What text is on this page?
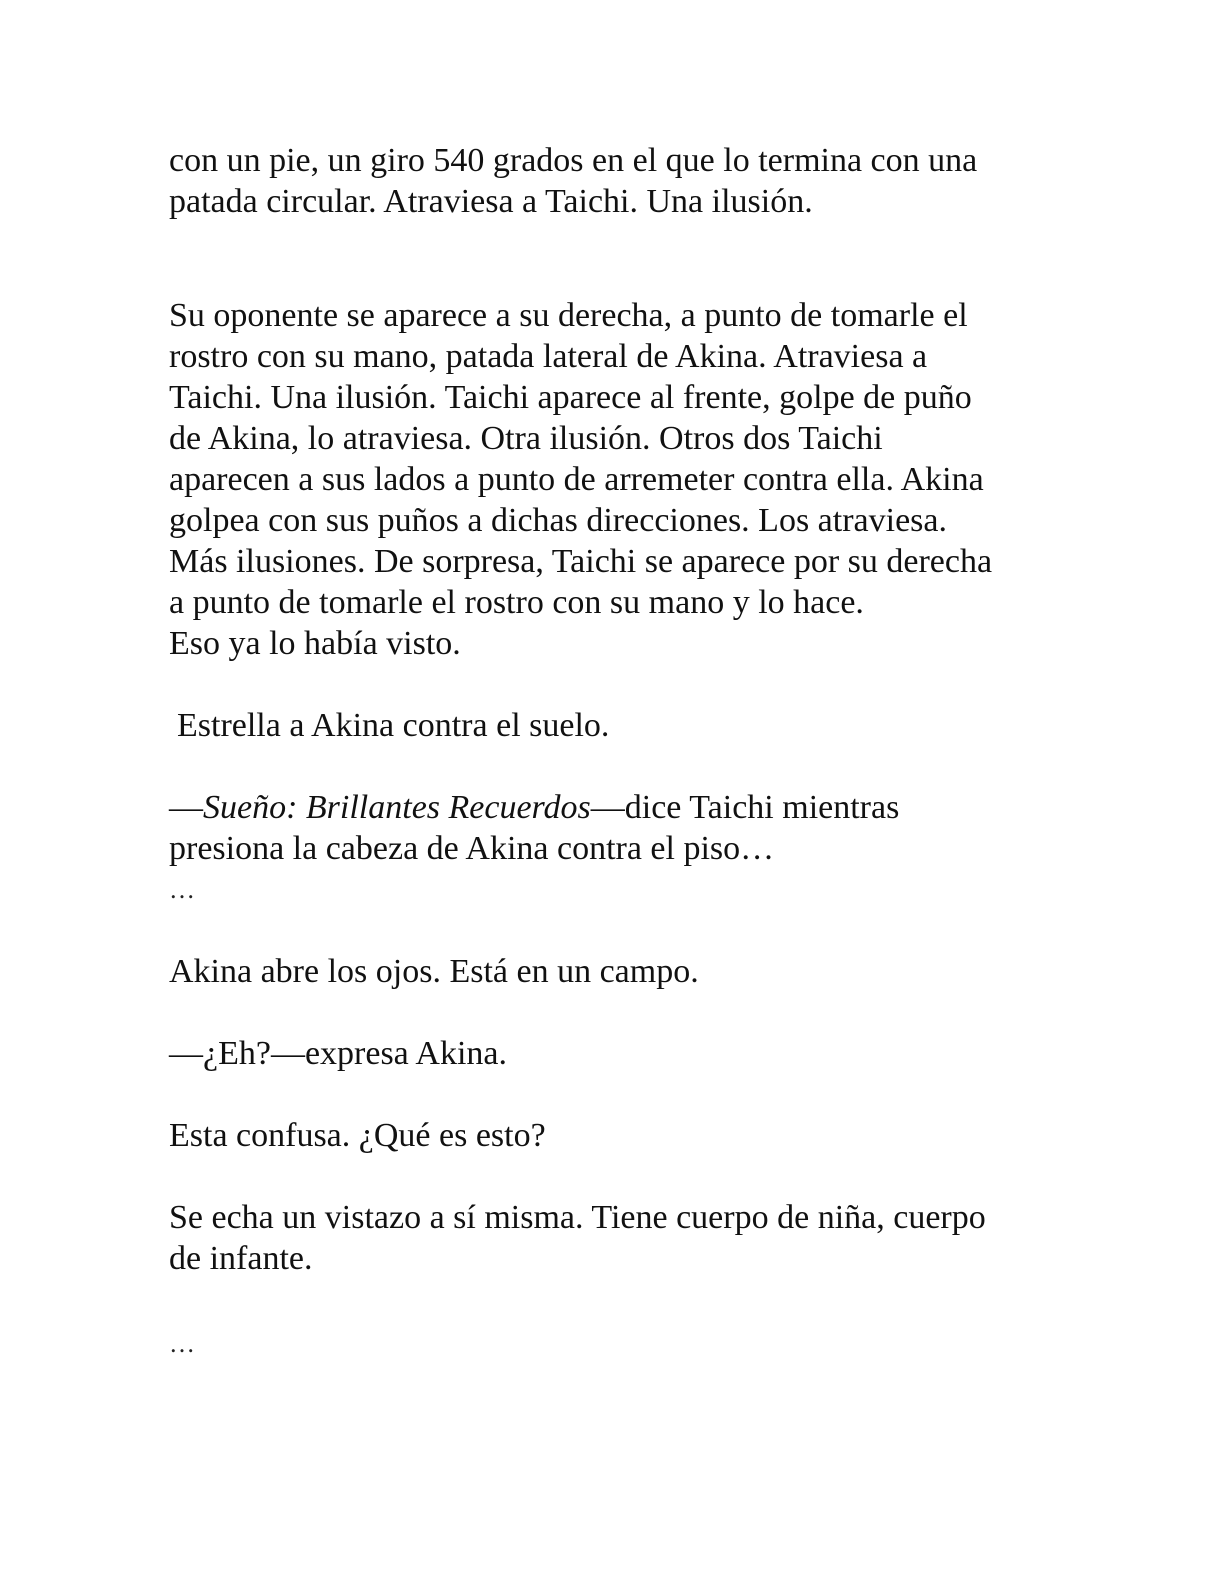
con un pie, un giro 540 grados en el que lo termina con una
patada circular. Atraviesa a Taichi. Una ilusión.
Su oponente se aparece a su derecha, a punto de tomarle el
rostro con su mano, patada lateral de Akina. Atraviesa a
Taichi. Una ilusión. Taichi aparece al frente, golpe de puño
de Akina, lo atraviesa. Otra ilusión. Otros dos Taichi
aparecen a sus lados a punto de arremeter contra ella. Akina
golpea con sus puños a dichas direcciones. Los atraviesa.
Más ilusiones. De sorpresa, Taichi se aparece por su derecha
a punto de tomarle el rostro con su mano y lo hace.
Eso ya lo había visto.
Estrella a Akina contra el suelo.
—Sueño: Brillantes Recuerdos—dice Taichi mientras
presiona la cabeza de Akina contra el piso…
…
Akina abre los ojos. Está en un campo.
—¿Eh?—expresa Akina.
Esta confusa. ¿Qué es esto?
Se echa un vistazo a sí misma. Tiene cuerpo de niña, cuerpo
de infante.
…
